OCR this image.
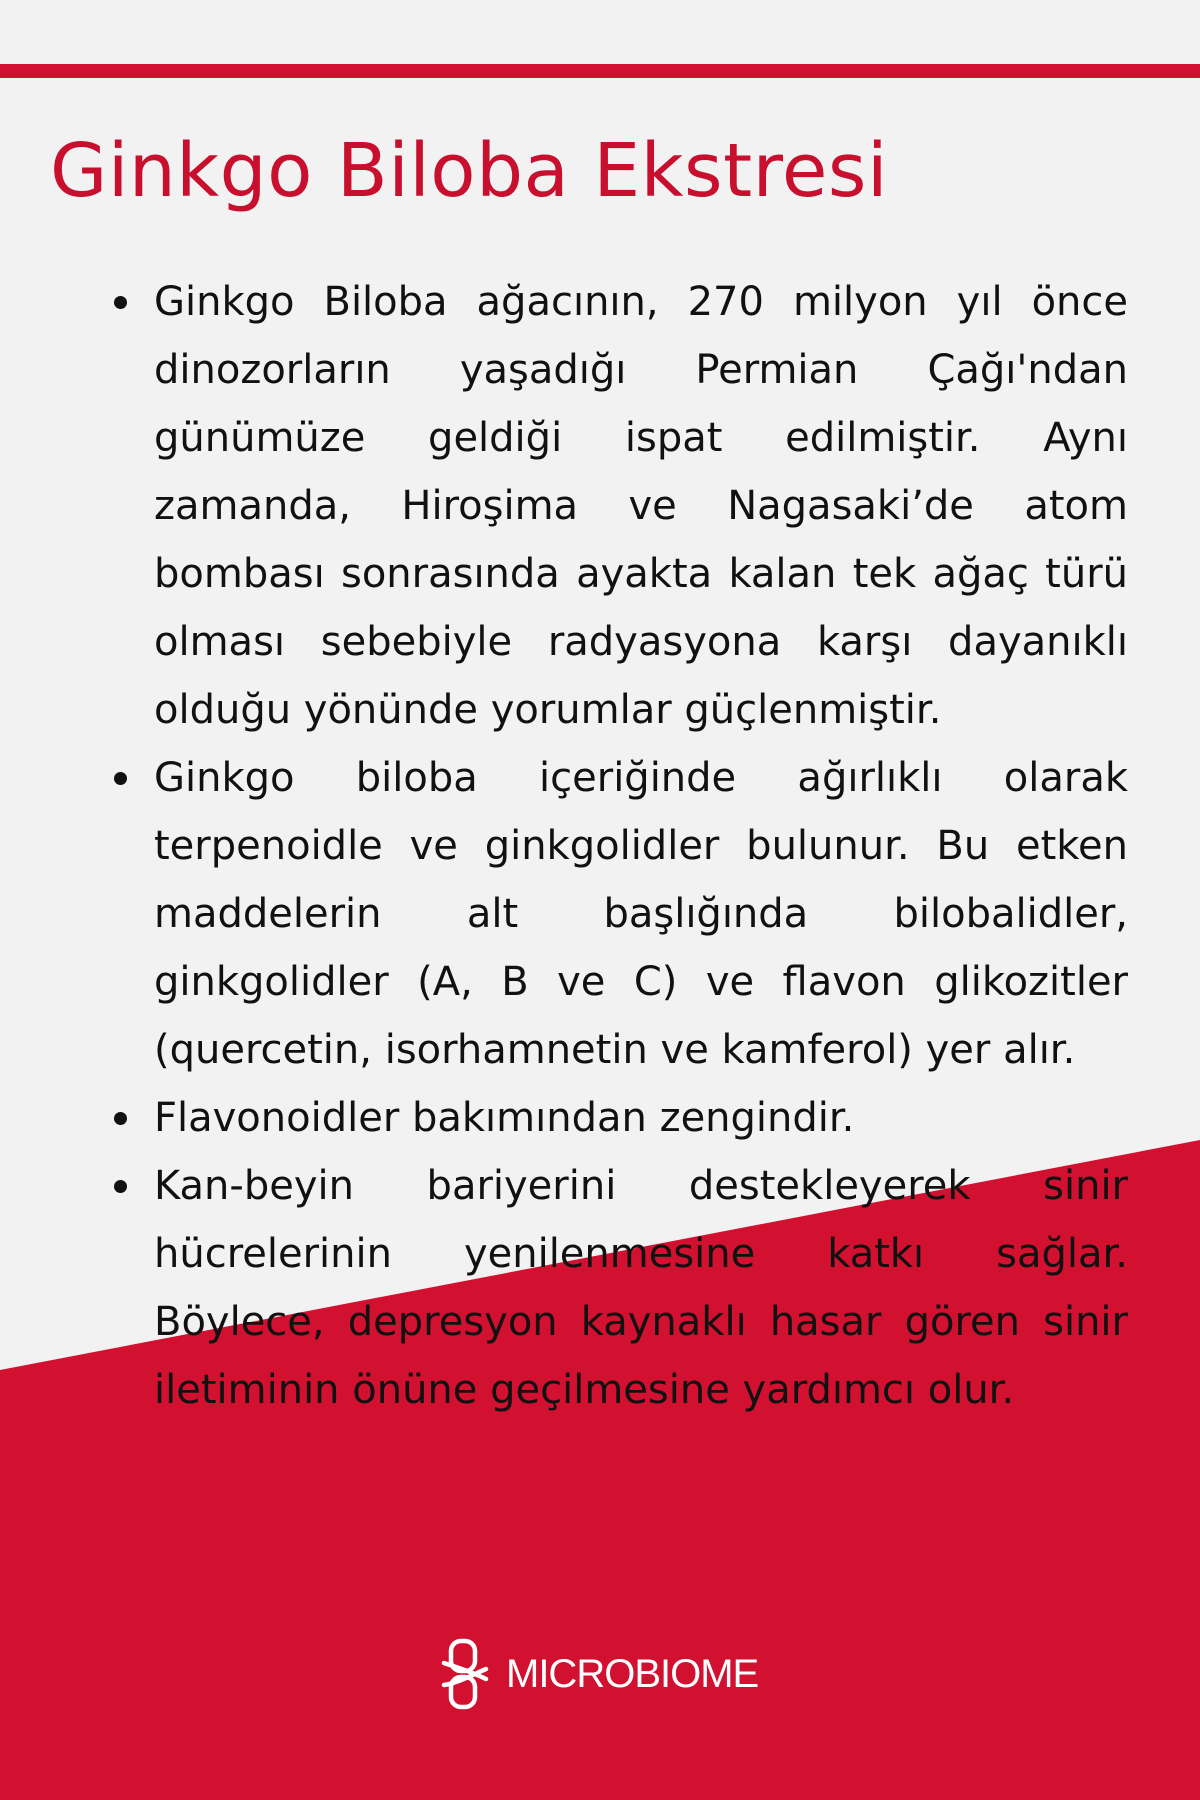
Ginkgo Biloba Ekstresi
Ginkgo Biloba ağacının, 270 milyon yıl önce dinozorların yaşadığı Permian Çağı'ndan günümüze geldiği ispat edilmiştir. Aynı zamanda, Hiroşima ve Nagasaki’de atom bombası sonrasında ayakta kalan tek ağaç türü olması sebebiyle radyasyona karşı dayanıklı olduğu yönünde yorumlar güçlenmiştir.
Ginkgo biloba içeriğinde ağırlıklı olarak terpenoidle ve ginkgolidler bulunur. Bu etken maddelerin alt başlığında bilobalidler, ginkgolidler (A, B ve C) ve flavon glikozitler (quercetin, isorhamnetin ve kamferol) yer alır.
Flavonoidler bakımından zengindir.
Kan-beyin bariyerini destekleyerek sinir hücrelerinin yenilenmesine katkı sağlar. Böylece, depresyon kaynaklı hasar gören sinir iletiminin önüne geçilmesine yardımcı olur.
MICROBIOME
